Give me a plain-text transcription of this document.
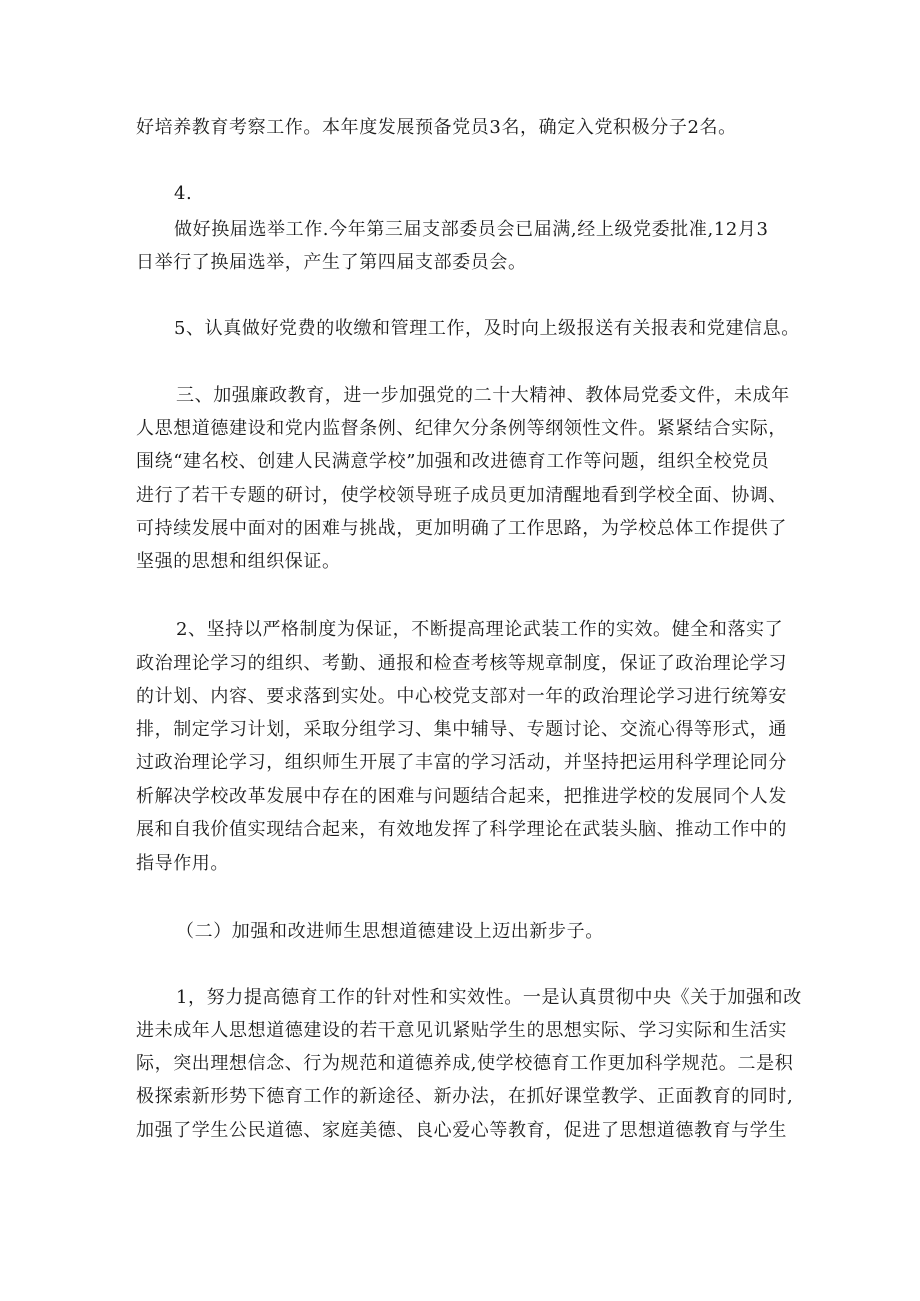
好培养教育考察工作。本年度发展预备党员3名，确定入党积极分子2名。
4.
做好换届选举工作.今年第三届支部委员会已届满,经上级党委批准,12月3
日举行了换届选举，产生了第四届支部委员会。
5、认真做好党费的收缴和管理工作，及时向上级报送有关报表和党建信息。
三、加强廉政教育，进一步加强党的二十大精神、教体局党委文件，未成年
人思想道德建设和党内监督条例、纪律欠分条例等纲领性文件。紧紧结合实际，
围绕“建名校、创建人民满意学校”加强和改进德育工作等问题，组织全校党员
进行了若干专题的研讨，使学校领导班子成员更加清醒地看到学校全面、协调、
可持续发展中面对的困难与挑战，更加明确了工作思路，为学校总体工作提供了
坚强的思想和组织保证。
2、坚持以严格制度为保证，不断提高理论武装工作的实效。健全和落实了
政治理论学习的组织、考勤、通报和检查考核等规章制度，保证了政治理论学习
的计划、内容、要求落到实处。中心校党支部对一年的政治理论学习进行统筹安
排，制定学习计划，采取分组学习、集中辅导、专题讨论、交流心得等形式，通
过政治理论学习，组织师生开展了丰富的学习活动，并坚持把运用科学理论同分
析解决学校改革发展中存在的困难与问题结合起来，把推进学校的发展同个人发
展和自我价值实现结合起来，有效地发挥了科学理论在武装头脑、推动工作中的
指导作用。
（二）加强和改进师生思想道德建设上迈出新步子。
1，努力提高德育工作的针对性和实效性。一是认真贯彻中央《关于加强和改
进未成年人思想道德建设的若干意见讥紧贴学生的思想实际、学习实际和生活实
际，突出理想信念、行为规范和道德养成,使学校德育工作更加科学规范。二是积
极探索新形势下德育工作的新途径、新办法，在抓好课堂教学、正面教育的同时,
加强了学生公民道德、家庭美德、良心爱心等教育，促进了思想道德教育与学生
